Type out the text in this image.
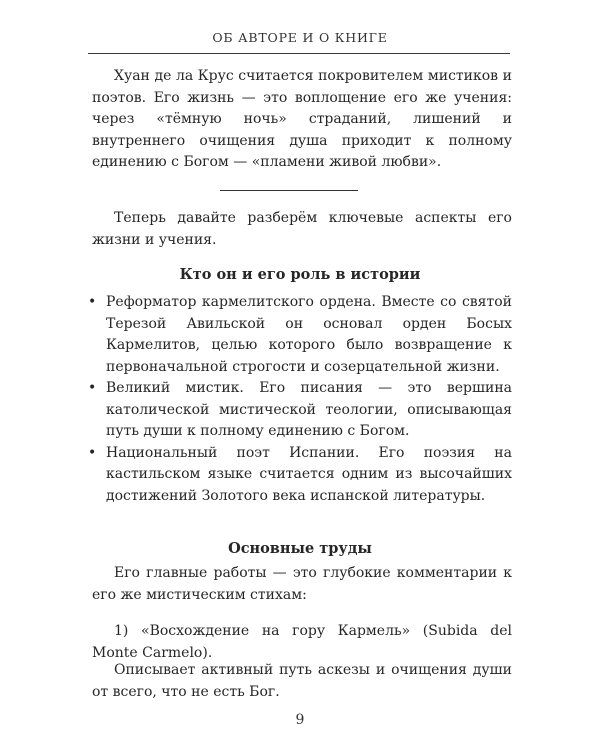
ОБ АВТОРЕ И О КНИГЕ

Хуан де ла Крус считается покровителем мистиков и поэтов. Его жизнь — это воплощение его же учения: через «тёмную ночь» страданий, лишений и внутреннего очищения душа приходит к полному единению с Богом — «пламени живой любви».

Теперь давайте разберём ключевые аспекты его жизни и учения.

Кто он и его роль в истории
• Реформатор кармелитского ордена. Вместе со святой Терезой Авильской он основал орден Босых Кармелитов, целью которого было возвращение к первоначальной строгости и созерцательной жизни.
• Великий мистик. Его писания — это вершина католической мистической теологии, описывающая путь души к полному единению с Богом.
• Национальный поэт Испании. Его поэзия на кастильском языке считается одним из высочайших достижений Золотого века испанской литературы.
Основные труды

Его главные работы — это глубокие комментарии к его же мистическим стихам:

1) «Восхождение на гору Кармель» (Subida del Monte Carmelo).

Описывает активный путь аскезы и очищения души от всего, что не есть Бог.

9
